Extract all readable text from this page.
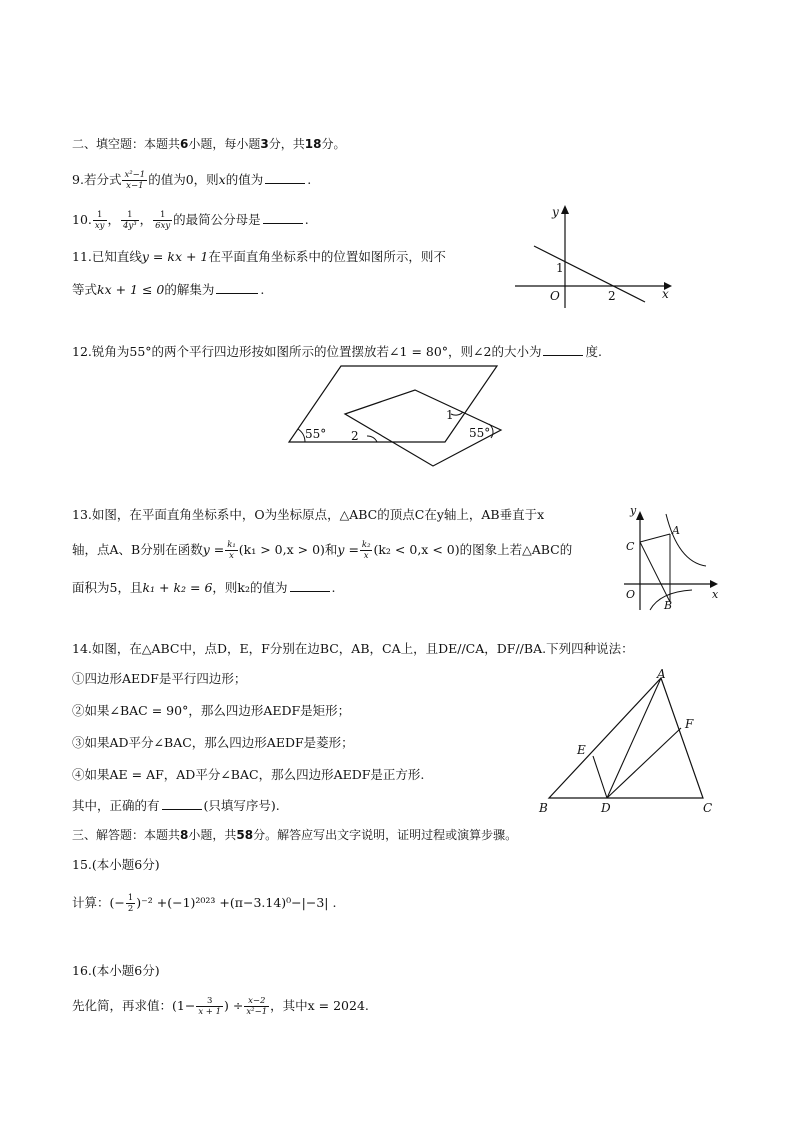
二、填空题：本题共6小题，每小题3分，共18分。
9.若分式 $\frac{\text{x²−1}}{x-1}$ 的值为0，则x的值为	.
10. $\frac{1}{xy}$ ， $\frac{1}{\text{4y³}}$ ， $\frac{1}{6xy}$ 的最简公分母是	.
11.已知直线y = kx + 1在平面直角坐标系中的位置如图所示，则不
等式kx + 1 ≤ 0的解集为	.
y
x
O
1
2
12.锐角为55°的两个平行四边形按如图所示的位置摆放若∠1 = 80°，则∠2的大小为	度.
55° 2
1
55°
13.如图，在平面直角坐标系中，O为坐标原点，△ABC的顶点C在y轴上，AB垂直于x
轴，点A、B分别在函数$y = \frac{\text{k₁}}{x} (k_1 > 0,x > 0)$和$y = \frac{\text{k₂}}{x} (k_2 < 0,x < 0)$的图象上若△ABC的
面积为5，且k₁ + k₂ = 6，则k₂的值为	.
y
x
O
A
B
C
14.如图，在△ABC中，点D，E，F分别在边BC，AB，CA上，且DE//CA，DF//BA.下列四种说法：
①四边形AEDF是平行四边形；
②如果∠BAC = 90°，那么四边形AEDF是矩形；
③如果AD平分∠BAC，那么四边形AEDF是菱形；
④如果AE = AF，AD平分∠BAC，那么四边形AEDF是正方形.
其中，正确的有	(只填写序号).
A
B	C
D
E
F
三、解答题：本题共8小题，共58分。解答应写出文字说明，证明过程或演算步骤。
15.(本小题6分)
计算：(− $\frac{1}{2} )^{-2} +(-1)^{2023} +(\pi-3.14)^0-|-3|$ .
16.(本小题6分)
先化简，再求值：($1- \frac{3}{x + 1}$ ) ÷ $\frac{x-2}{\text{x²−1}}$ ，其中x = 2024.
